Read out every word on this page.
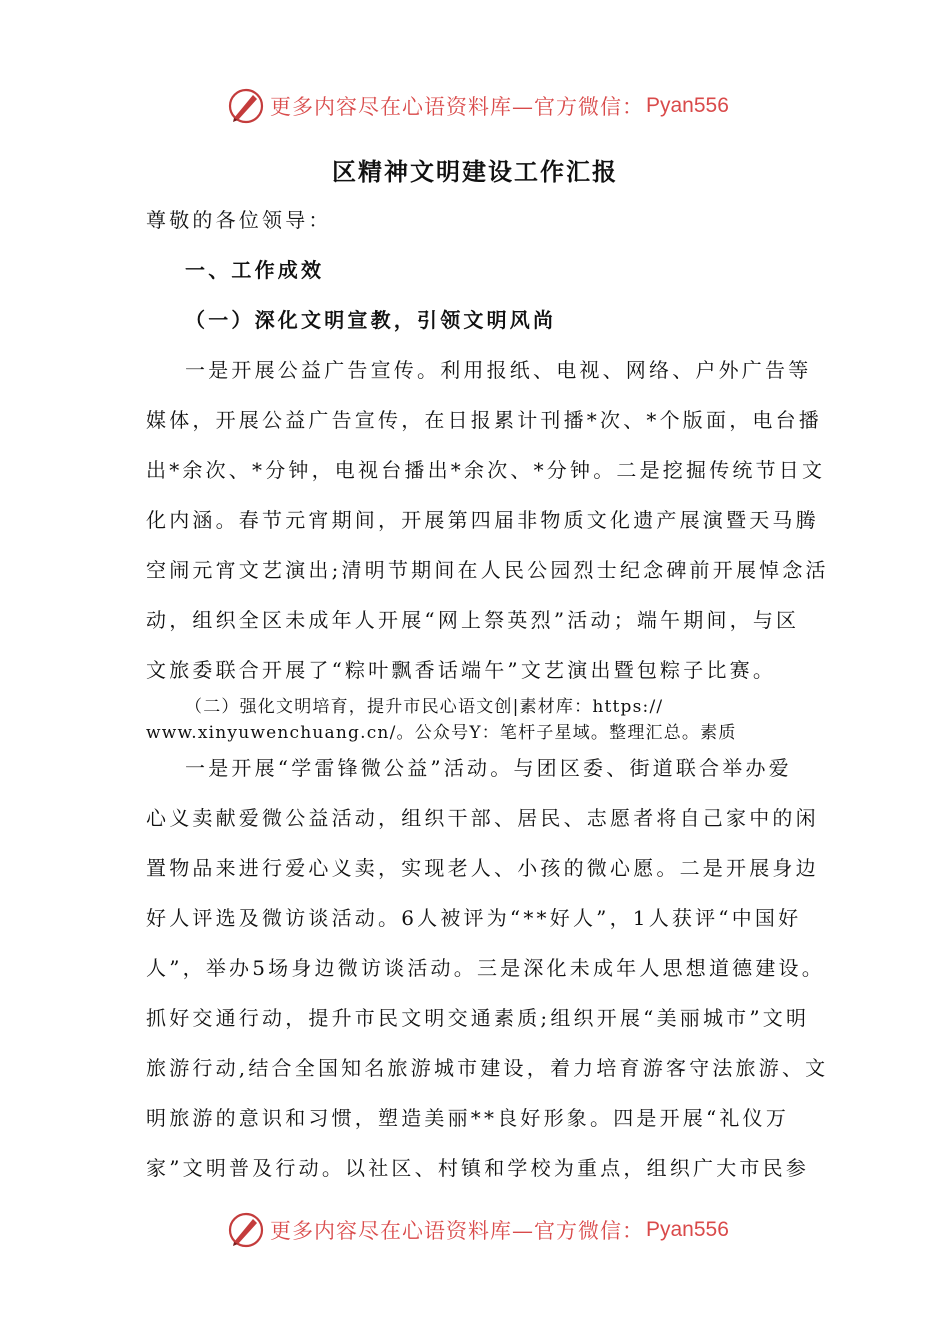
更多内容尽在心语资料库—官方微信： Pyan556
区精神文明建设工作汇报
尊敬的各位领导：
一、工作成效
（一）深化文明宣教，引领文明风尚
一是开展公益广告宣传。利用报纸、电视、网络、户外广告等
媒体，开展公益广告宣传，在日报累计刊播*次、*个版面，电台播
出*余次、*分钟，电视台播出*余次、*分钟。二是挖掘传统节日文
化内涵。春节元宵期间，开展第四届非物质文化遗产展演暨天马腾
空闹元宵文艺演出;清明节期间在人民公园烈士纪念碑前开展悼念活
动，组织全区未成年人开展“网上祭英烈”活动；端午期间，与区
文旅委联合开展了“粽叶飘香话端午”文艺演出暨包粽子比赛。
（二）强化文明培育，提升市民心语文创|素材库：https://
www.xinyuwenchuang.cn/。公众号Y：笔杆子星域。整理汇总。素质
一是开展“学雷锋微公益”活动。与团区委、街道联合举办爱
心义卖献爱微公益活动，组织干部、居民、志愿者将自己家中的闲
置物品来进行爱心义卖，实现老人、小孩的微心愿。二是开展身边
好人评选及微访谈活动。6人被评为“**好人”，1人获评“中国好
人”，举办5场身边微访谈活动。三是深化未成年人思想道德建设。
抓好交通行动，提升市民文明交通素质;组织开展“美丽城市”文明
旅游行动,结合全国知名旅游城市建设，着力培育游客守法旅游、文
明旅游的意识和习惯，塑造美丽**良好形象。四是开展“礼仪万
家”文明普及行动。以社区、村镇和学校为重点，组织广大市民参
更多内容尽在心语资料库—官方微信： Pyan556
